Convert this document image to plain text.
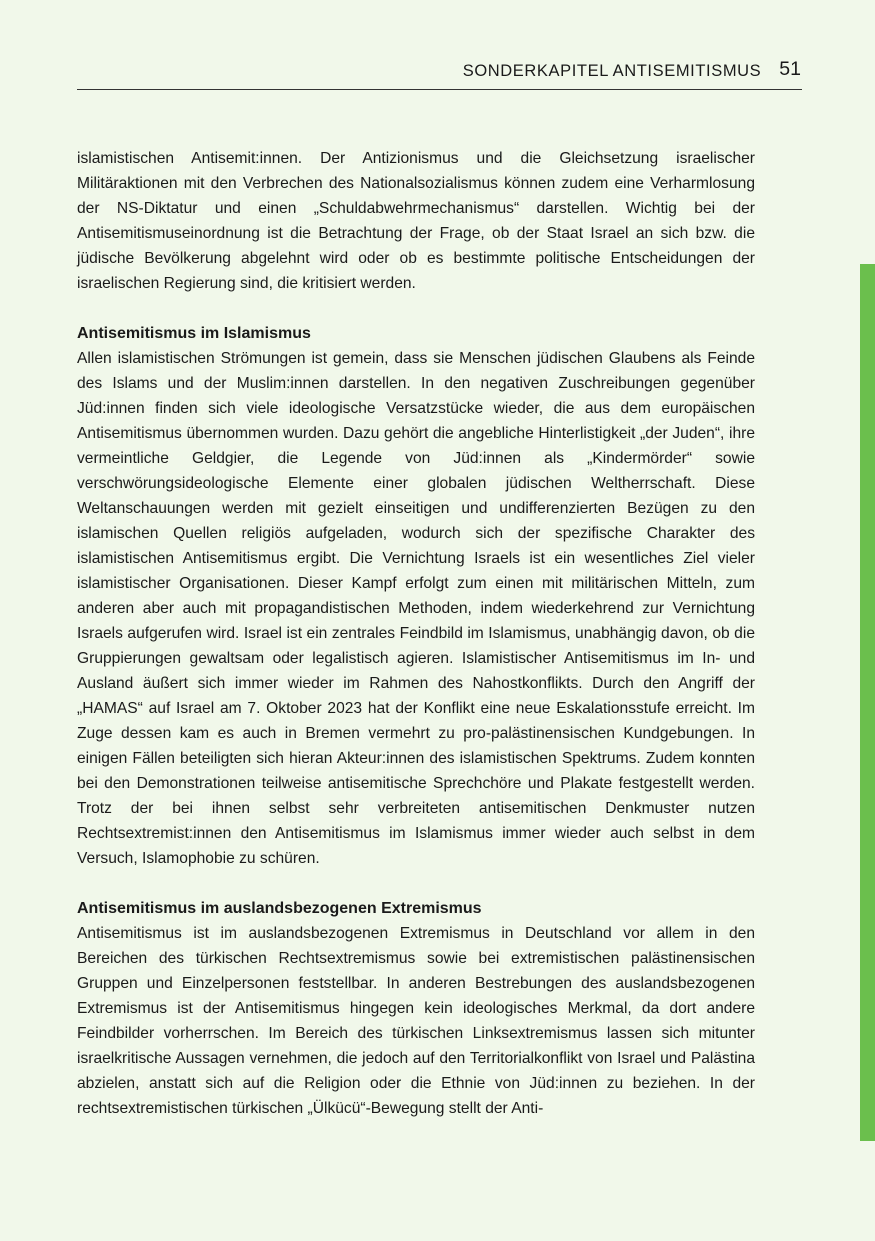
SONDERKAPITEL ANTISEMITISMUS 51

islamistischen Antisemit:innen. Der Antizionismus und die Gleichsetzung israelischer Militäraktionen mit den Verbrechen des Nationalsozialismus können zudem eine Verharmlosung der NS-Diktatur und einen „Schuldabwehrmechanismus“ darstellen. Wichtig bei der Antisemitismuseinordnung ist die Betrachtung der Frage, ob der Staat Israel an sich bzw. die jüdische Bevölkerung abgelehnt wird oder ob es bestimmte politische Entscheidungen der israelischen Regierung sind, die kritisiert werden.

Antisemitismus im Islamismus

Allen islamistischen Strömungen ist gemein, dass sie Menschen jüdischen Glaubens als Feinde des Islams und der Muslim:innen darstellen. In den negativen Zuschreibungen gegenüber Jüd:innen finden sich viele ideologische Versatzstücke wieder, die aus dem europäischen Antisemitismus übernommen wurden. Dazu gehört die angebliche Hinterlistigkeit „der Juden“, ihre vermeintliche Geldgier, die Legende von Jüd:innen als „Kindermörder“ sowie verschwörungsideologische Elemente einer globalen jüdischen Weltherrschaft. Diese Weltanschauungen werden mit gezielt einseitigen und undifferenzierten Bezügen zu den islamischen Quellen religiös aufgeladen, wodurch sich der spezifische Charakter des islamistischen Antisemitismus ergibt. Die Vernichtung Israels ist ein wesentliches Ziel vieler islamistischer Organisationen. Dieser Kampf erfolgt zum einen mit militärischen Mitteln, zum anderen aber auch mit propagandistischen Methoden, indem wiederkehrend zur Vernichtung Israels aufgerufen wird. Israel ist ein zentrales Feindbild im Islamismus, unabhängig davon, ob die Gruppierungen gewaltsam oder legalistisch agieren. Islamistischer Antisemitismus im In- und Ausland äußert sich immer wieder im Rahmen des Nahostkonflikts. Durch den Angriff der „HAMAS“ auf Israel am 7. Oktober 2023 hat der Konflikt eine neue Eskalationsstufe erreicht. Im Zuge dessen kam es auch in Bremen vermehrt zu pro-palästinensischen Kundgebungen. In einigen Fällen beteiligten sich hieran Akteur:innen des islamistischen Spektrums. Zudem konnten bei den Demonstrationen teilweise antisemitische Sprechchöre und Plakate festgestellt werden. Trotz der bei ihnen selbst sehr verbreiteten antisemitischen Denkmuster nutzen Rechtsextremist:innen den Antisemitismus im Islamismus immer wieder auch selbst in dem Versuch, Islamophobie zu schüren.

Antisemitismus im auslandsbezogenen Extremismus

Antisemitismus ist im auslandsbezogenen Extremismus in Deutschland vor allem in den Bereichen des türkischen Rechtsextremismus sowie bei extremistischen palästinensischen Gruppen und Einzelpersonen feststellbar. In anderen Bestrebungen des auslandsbezogenen Extremismus ist der Antisemitismus hingegen kein ideologisches Merkmal, da dort andere Feindbilder vorherrschen. Im Bereich des türkischen Linksextremismus lassen sich mitunter israelkritische Aussagen vernehmen, die jedoch auf den Territorialkonflikt von Israel und Palästina abzielen, anstatt sich auf die Religion oder die Ethnie von Jüd:innen zu beziehen. In der rechtsextremistischen türkischen „Ülkücü“-Bewegung stellt der Anti-
